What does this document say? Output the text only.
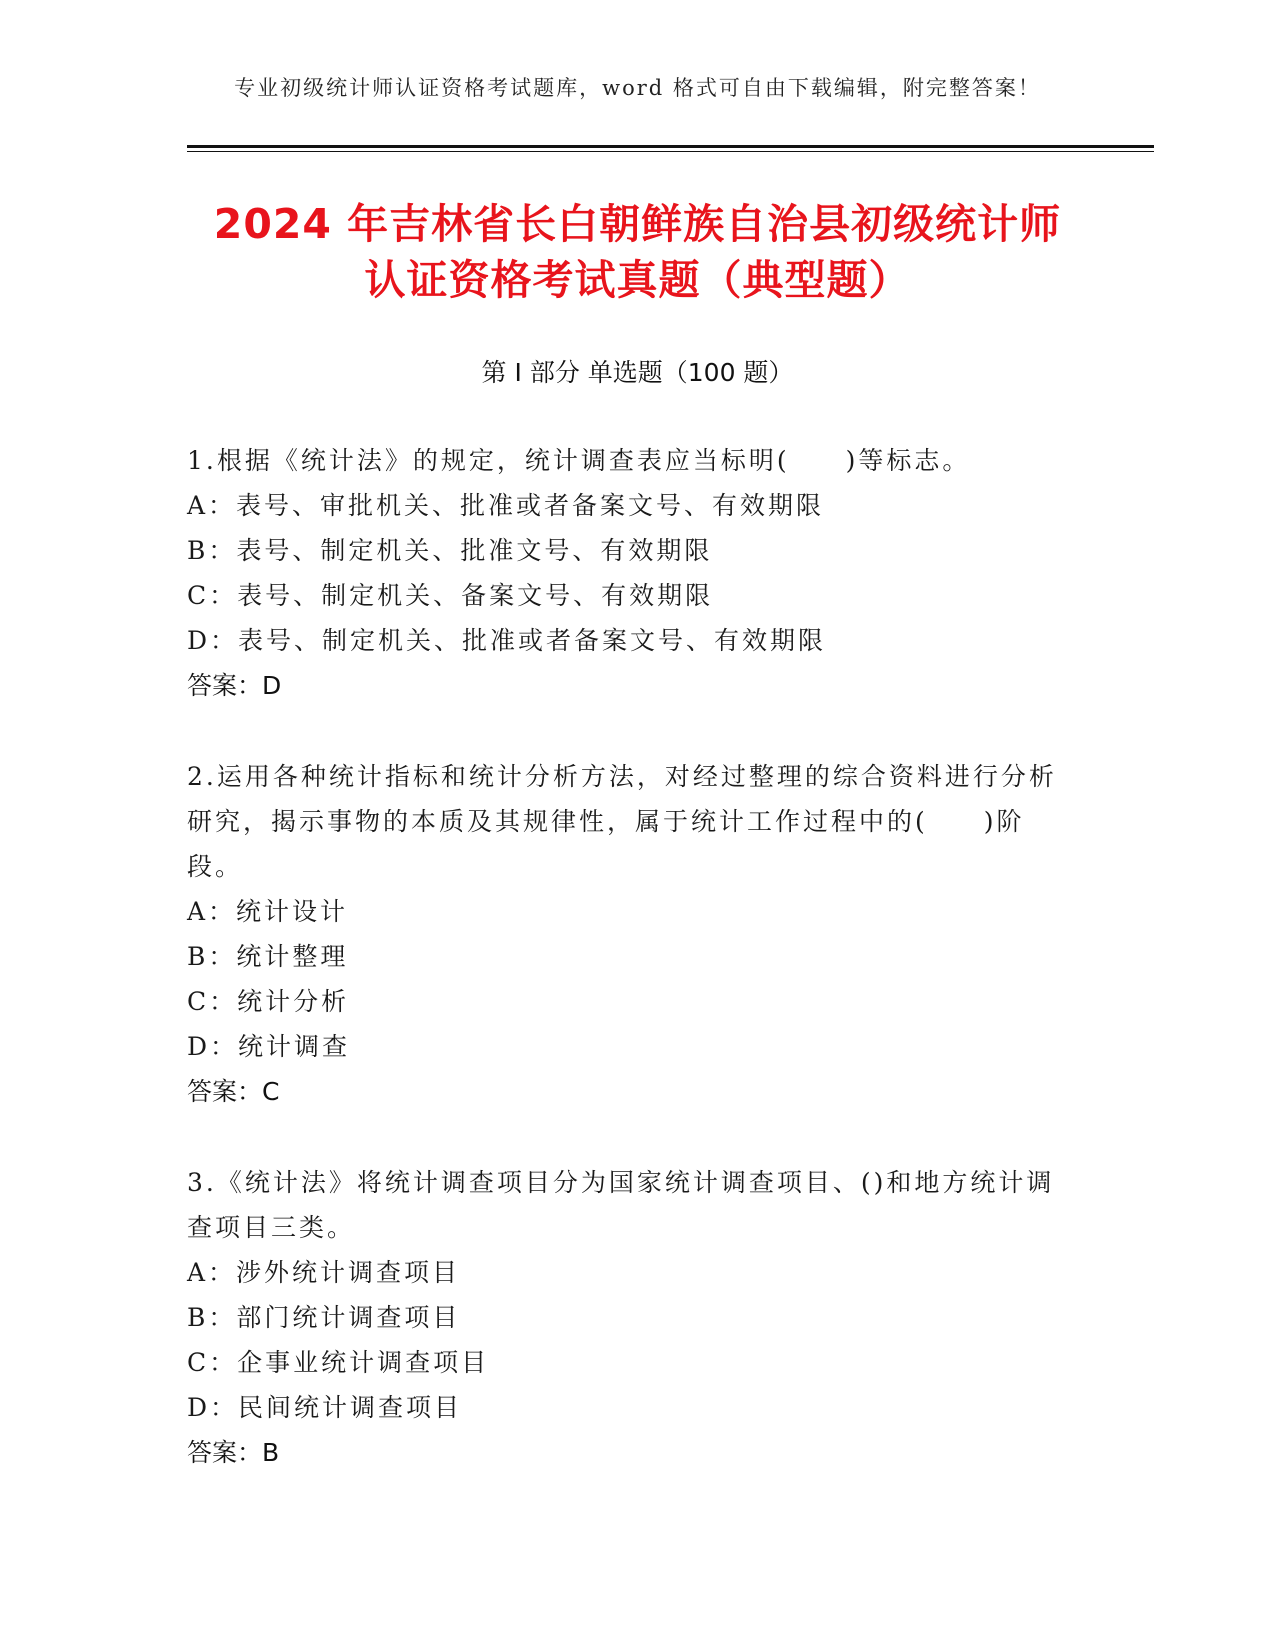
专业初级统计师认证资格考试题库，word 格式可自由下载编辑，附完整答案！
2024 年吉林省长白朝鲜族自治县初级统计师
认证资格考试真题（典型题）
第 I 部分 单选题（100 题）
1.根据《统计法》的规定，统计调查表应当标明(　　)等标志。
A：表号、审批机关、批准或者备案文号、有效期限
B：表号、制定机关、批准文号、有效期限
C：表号、制定机关、备案文号、有效期限
D：表号、制定机关、批准或者备案文号、有效期限
答案：D
2.运用各种统计指标和统计分析方法，对经过整理的综合资料进行分析研究，揭示事物的本质及其规律性，属于统计工作过程中的(　　)阶段。
A：统计设计
B：统计整理
C：统计分析
D：统计调查
答案：C
3.《统计法》将统计调查项目分为国家统计调查项目、()和地方统计调查项目三类。
A：涉外统计调查项目
B：部门统计调查项目
C：企事业统计调查项目
D：民间统计调查项目
答案：B
